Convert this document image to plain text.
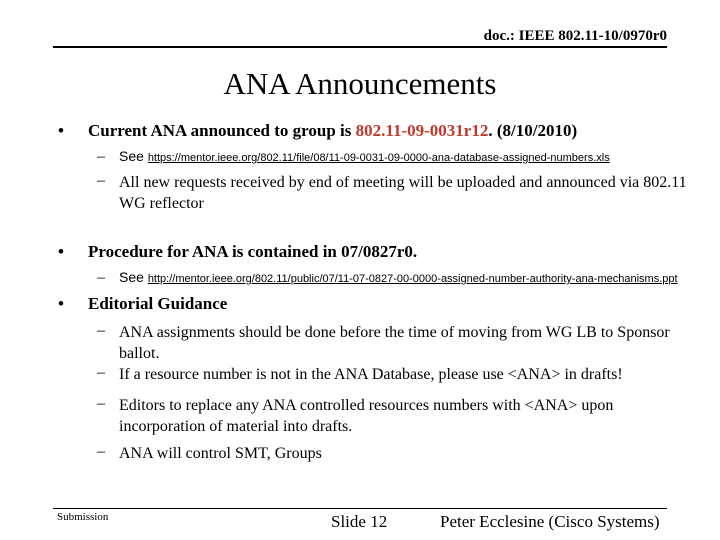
doc.: IEEE 802.11-10/0970r0
ANA Announcements
• Current ANA announced to group is 802.11-09-0031r12. (8/10/2010)
– See https://mentor.ieee.org/802.11/file/08/11-09-0031-09-0000-ana-database-assigned-numbers.xls
– All new requests received by end of meeting will be uploaded and announced via 802.11 WG reflector
• Procedure for ANA is contained in 07/0827r0.
– See http://mentor.ieee.org/802.11/public/07/11-07-0827-00-0000-assigned-number-authority-ana-mechanisms.ppt
• Editorial Guidance
– ANA assignments should be done before the time of moving from WG LB to Sponsor ballot.
– If a resource number is not in the ANA Database, please use <ANA> in drafts!
– Editors to replace any ANA controlled resources numbers with <ANA> upon incorporation of material into drafts.
– ANA will control SMT, Groups
Submission	Slide 12	Peter Ecclesine (Cisco Systems)
